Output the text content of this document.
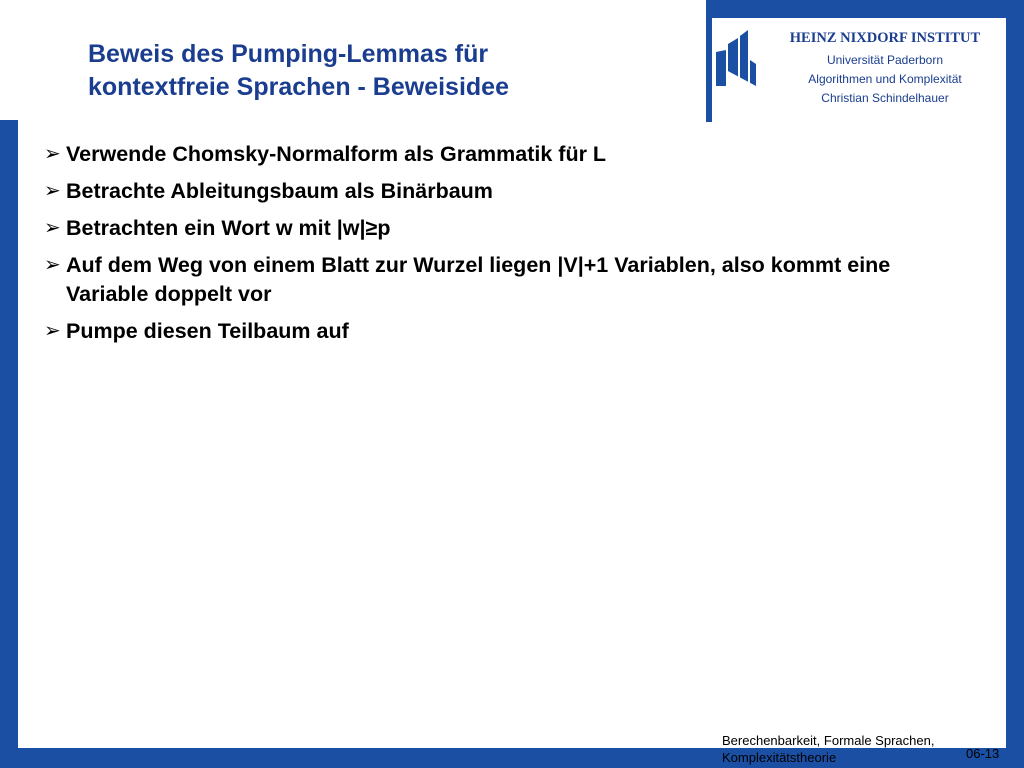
HEINZ NIXDORF INSTITUT
Universität Paderborn
Algorithmen und Komplexität
Christian Schindelhauer
Beweis des Pumping-Lemmas für
kontextfreie Sprachen - Beweisidee
➢ Verwende Chomsky-Normalform als Grammatik für L
➢ Betrachte Ableitungsbaum als Binärbaum
➢ Betrachten ein Wort w mit |w|≥p
➢ Auf dem Weg von einem Blatt zur Wurzel liegen |V|+1 Variablen, also kommt eine Variable doppelt vor
➢ Pumpe diesen Teilbaum auf
Berechenbarkeit, Formale Sprachen,
Komplexitätstheorie	06-13
